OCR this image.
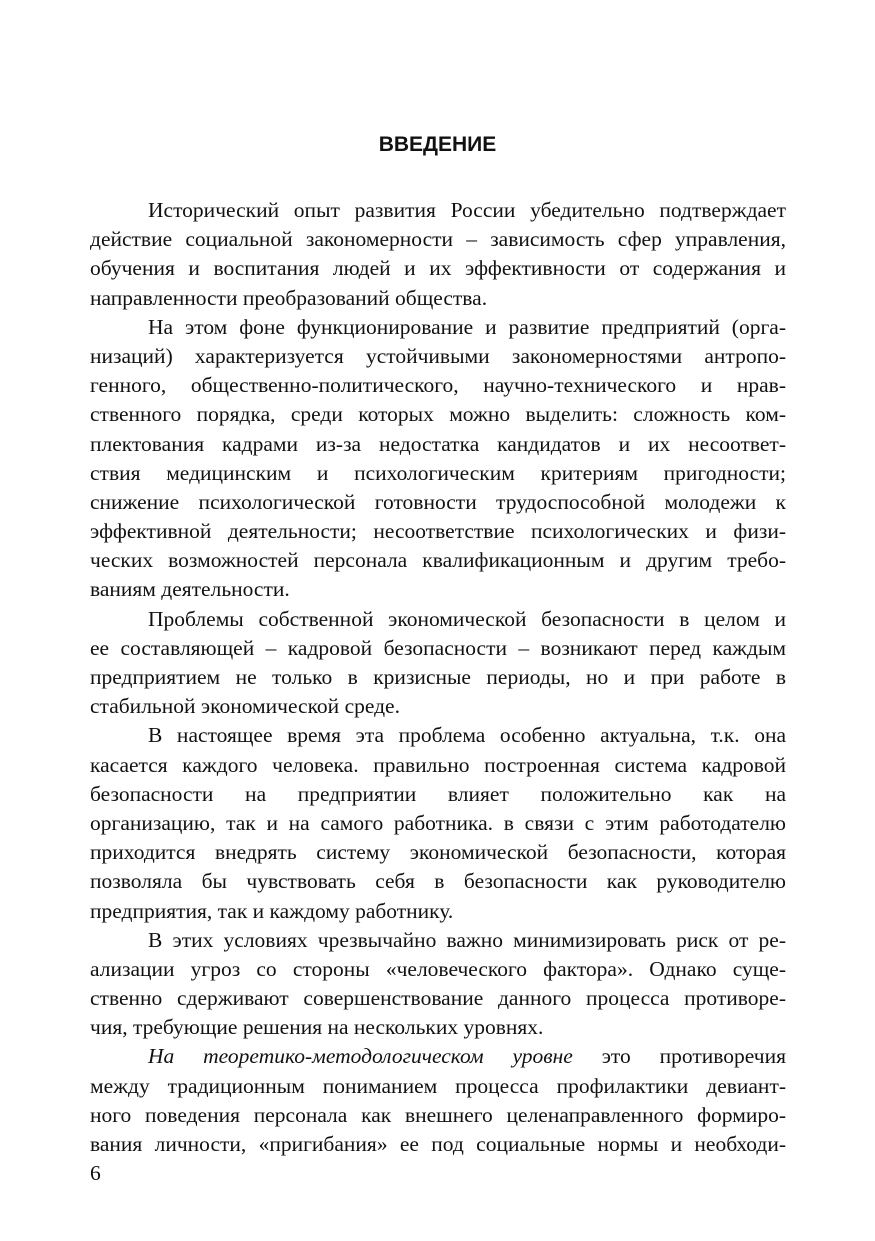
ВВЕДЕНИЕ
Исторический опыт развития России убедительно подтверждает
действие социальной закономерности – зависимость сфер управления,
обучения и воспитания людей и их эффективности от содержания и
направленности преобразований общества.
На этом фоне функционирование и развитие предприятий (орга-
низаций) характеризуется устойчивыми закономерностями антропо-
генного, общественно-политического, научно-технического и нрав-
ственного порядка, среди которых можно выделить: сложность ком-
плектования кадрами из-за недостатка кандидатов и их несоответ-
ствия медицинским и психологическим критериям пригодности;
снижение психологической готовности трудоспособной молодежи к
эффективной деятельности; несоответствие психологических и физи-
ческих возможностей персонала квалификационным и другим требо-
ваниям деятельности.
Проблемы собственной экономической безопасности в целом и
ее составляющей – кадровой безопасности – возникают перед каждым
предприятием не только в кризисные периоды, но и при работе в
стабильной экономической среде.
В настоящее время эта проблема особенно актуальна, т.к. она
касается каждого человека. правильно построенная система кадровой
безопасности на предприятии влияет положительно как на
организацию, так и на самого работника. в связи с этим работодателю
приходится внедрять систему экономической безопасности, которая
позволяла бы чувствовать себя в безопасности как руководителю
предприятия, так и каждому работнику.
В этих условиях чрезвычайно важно минимизировать риск от ре-
ализации угроз со стороны «человеческого фактора». Однако суще-
ственно сдерживают совершенствование данного процесса противоре-
чия, требующие решения на нескольких уровнях.
На теоретико-методологическом уровне это противоречия
между традиционным пониманием процесса профилактики девиант-
ного поведения персонала как внешнего целенаправленного формиро-
вания личности, «пригибания» ее под социальные нормы и необходи-
6
